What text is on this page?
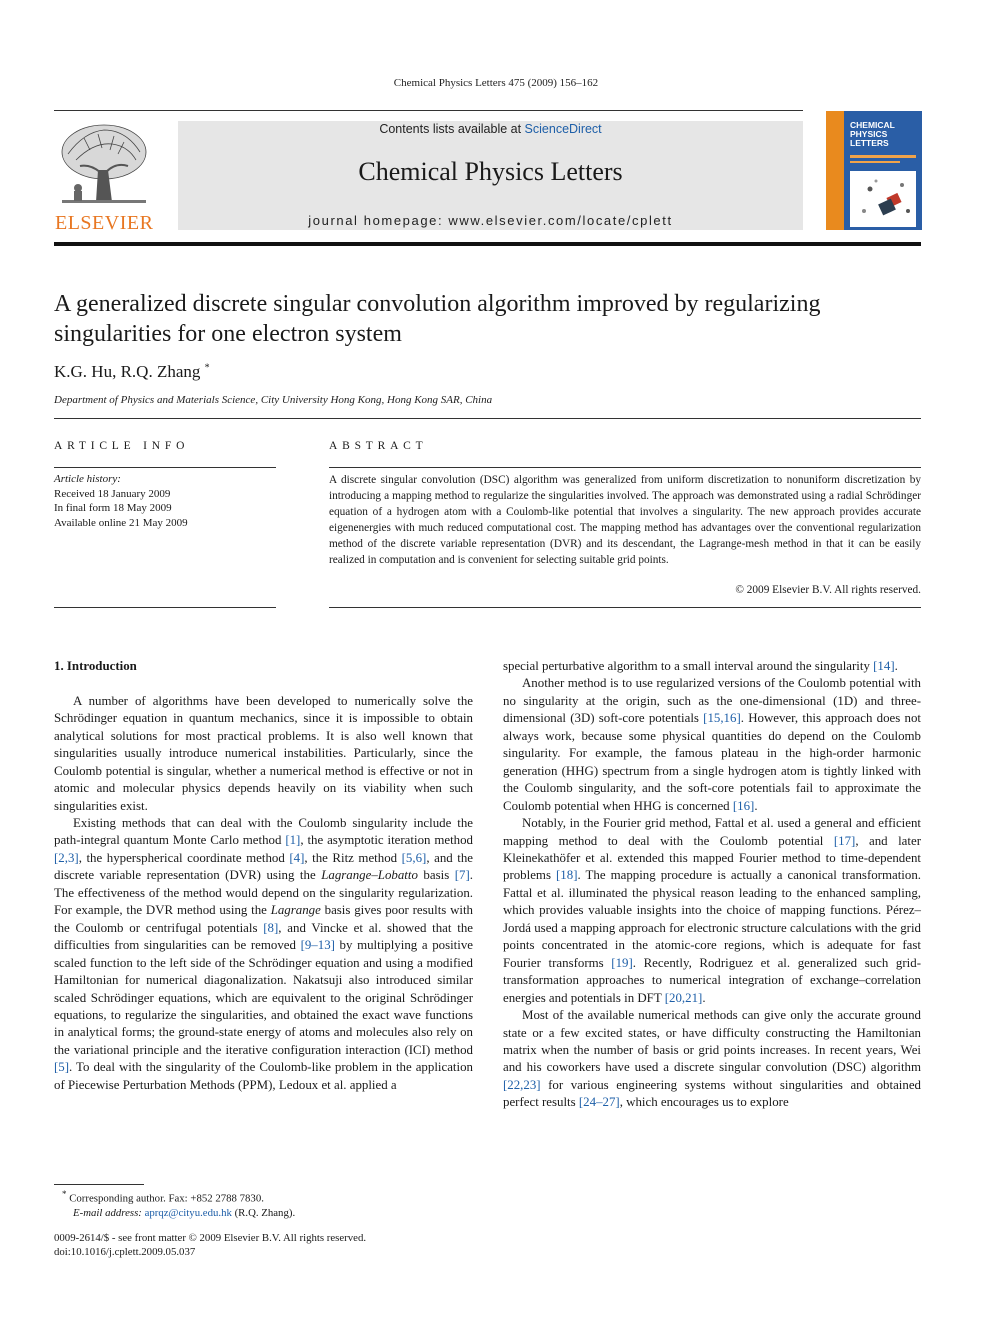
Chemical Physics Letters 475 (2009) 156–162
ELSEVIER
Contents lists available at ScienceDirect
Chemical Physics Letters
journal homepage: www.elsevier.com/locate/cplett
CHEMICAL
PHYSICS
LETTERS
A generalized discrete singular convolution algorithm improved by regularizing singularities for one electron system
K.G. Hu, R.Q. Zhang *
Department of Physics and Materials Science, City University Hong Kong, Hong Kong SAR, China
ARTICLE INFO
Article history:
Received 18 January 2009
In final form 18 May 2009
Available online 21 May 2009
ABSTRACT
A discrete singular convolution (DSC) algorithm was generalized from uniform discretization to nonuniform discretization by introducing a mapping method to regularize the singularities involved. The approach was demonstrated using a radial Schrödinger equation of a hydrogen atom with a Coulomb-like potential that involves a singularity. The new approach provides accurate eigenenergies with much reduced computational cost. The mapping method has advantages over the conventional regularization method of the discrete variable representation (DVR) and its descendant, the Lagrange-mesh method in that it can be easily realized in computation and is convenient for selecting suitable grid points.
© 2009 Elsevier B.V. All rights reserved.
1. Introduction

A number of algorithms have been developed to numerically solve the Schrödinger equation in quantum mechanics, since it is impossible to obtain analytical solutions for most practical problems. It is also well known that singularities usually introduce numerical instabilities. Particularly, since the Coulomb potential is singular, whether a numerical method is effective or not in atomic and molecular physics depends heavily on its viability when such singularities exist.

Existing methods that can deal with the Coulomb singularity include the path-integral quantum Monte Carlo method [1], the asymptotic iteration method [2,3], the hyperspherical coordinate method [4], the Ritz method [5,6], and the discrete variable representation (DVR) using the Lagrange–Lobatto basis [7]. The effectiveness of the method would depend on the singularity regularization. For example, the DVR method using the Lagrange basis gives poor results with the Coulomb or centrifugal potentials [8], and Vincke et al. showed that the difficulties from singularities can be removed [9–13] by multiplying a positive scaled function to the left side of the Schrödinger equation and using a modified Hamiltonian for numerical diagonalization. Nakatsuji also introduced similar scaled Schrödinger equations, which are equivalent to the original Schrödinger equations, to regularize the singularities, and obtained the exact wave functions in analytical forms; the ground-state energy of atoms and molecules also rely on the variational principle and the iterative configuration interaction (ICI) method [5]. To deal with the singularity of the Coulomb-like problem in the application of Piecewise Perturbation Methods (PPM), Ledoux et al. applied a

special perturbative algorithm to a small interval around the singularity [14].

Another method is to use regularized versions of the Coulomb potential with no singularity at the origin, such as the one-dimensional (1D) and three-dimensional (3D) soft-core potentials [15,16]. However, this approach does not always work, because some physical quantities do depend on the Coulomb singularity. For example, the famous plateau in the high-order harmonic generation (HHG) spectrum from a single hydrogen atom is tightly linked with the Coulomb singularity, and the soft-core potentials fail to approximate the Coulomb potential when HHG is concerned [16].

Notably, in the Fourier grid method, Fattal et al. used a general and efficient mapping method to deal with the Coulomb potential [17], and later Kleinekathöfer et al. extended this mapped Fourier method to time-dependent problems [18]. The mapping procedure is actually a canonical transformation. Fattal et al. illuminated the physical reason leading to the enhanced sampling, which provides valuable insights into the choice of mapping functions. Pérez–Jordá used a mapping approach for electronic structure calculations with the grid points concentrated in the atomic-core regions, which is adequate for fast Fourier transforms [19]. Recently, Rodriguez et al. generalized such grid-transformation approaches to numerical integration of exchange–correlation energies and potentials in DFT [20,21].

Most of the available numerical methods can give only the accurate ground state or a few excited states, or have difficulty constructing the Hamiltonian matrix when the number of basis or grid points increases. In recent years, Wei and his coworkers have used a discrete singular convolution (DSC) algorithm [22,23] for various engineering systems without singularities and obtained perfect results [24–27], which encourages us to explore

* Corresponding author. Fax: +852 2788 7830.
E-mail address: aprqz@cityu.edu.hk (R.Q. Zhang).
0009-2614/$ - see front matter © 2009 Elsevier B.V. All rights reserved.
doi:10.1016/j.cplett.2009.05.037
